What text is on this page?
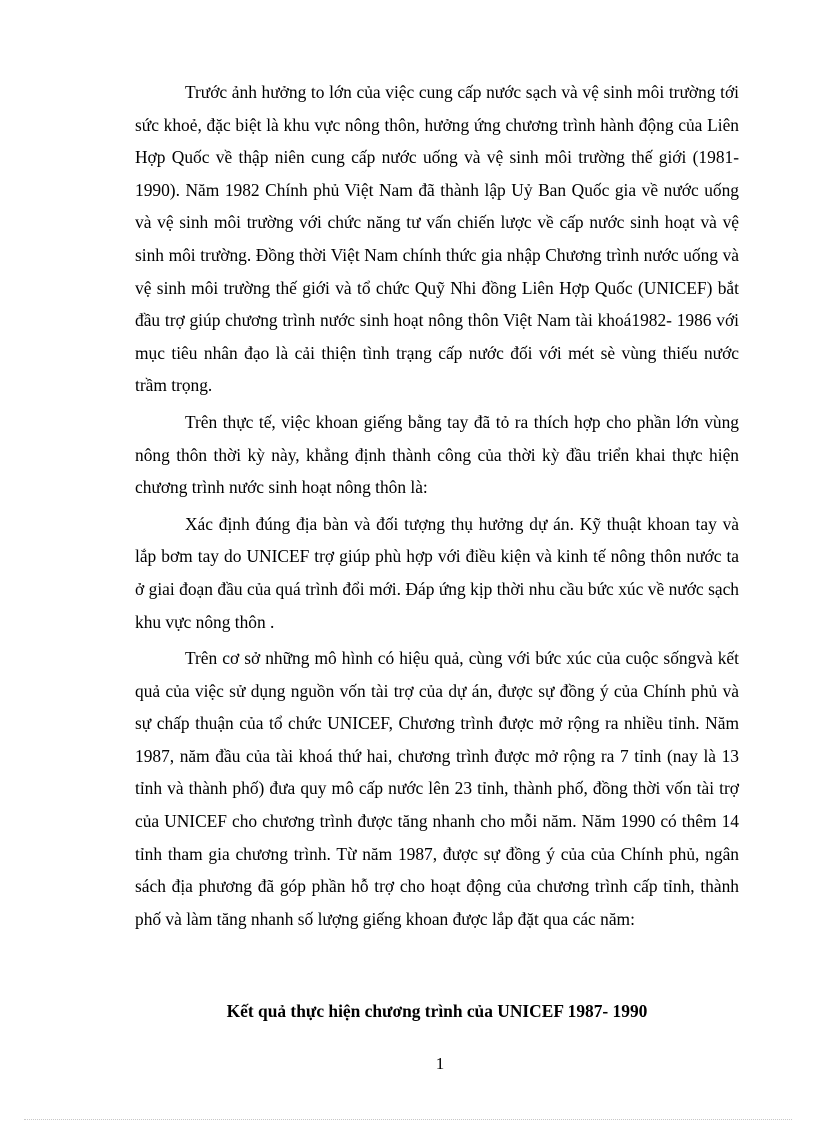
Trước ảnh hưởng to lớn của việc cung cấp nước sạch và vệ sinh môi trường tới sức khoẻ, đặc biệt là khu vực nông thôn, hưởng ứng chương trình hành động của Liên Hợp Quốc về thập niên cung cấp nước uống và vệ sinh môi trường thế giới (1981-1990). Năm 1982 Chính phủ Việt Nam đã thành lập Uỷ Ban Quốc gia về nước uống và vệ sinh môi trường với chức năng tư vấn chiến lược về cấp nước sinh hoạt và vệ sinh môi trường. Đồng thời Việt Nam chính thức gia nhập Chương trình nước uống và vệ sinh môi trường thế giới và tổ chức Quỹ Nhi đồng Liên Hợp Quốc (UNICEF) bắt đầu trợ giúp chương trình nước sinh hoạt nông thôn Việt Nam tài khoá1982- 1986 với mục tiêu nhân đạo là cải thiện tình trạng cấp nước đối với mét sè vùng thiếu nước trầm trọng.

Trên thực tế, việc khoan giếng bằng tay đã tỏ ra thích hợp cho phần lớn vùng nông thôn thời kỳ này, khẳng định thành công của thời kỳ đầu triển khai thực hiện chương trình nước sinh hoạt nông thôn là:

Xác định đúng địa bàn và đối tượng thụ hưởng dự án. Kỹ thuật khoan tay và lắp bơm tay do UNICEF trợ giúp phù hợp với điều kiện và kinh tế nông thôn nước ta ở giai đoạn đầu của quá trình đổi mới. Đáp ứng kịp thời nhu cầu bức xúc về nước sạch khu vực nông thôn .

Trên cơ sở những mô hình có hiệu quả, cùng với bức xúc của cuộc sốngvà kết quả của việc sử dụng nguồn vốn tài trợ của dự án, được sự đồng ý của Chính phủ và sự chấp thuận của tổ chức UNICEF, Chương trình được mở rộng ra nhiều tỉnh. Năm 1987, năm đầu của tài khoá thứ hai, chương trình được mở rộng ra 7 tỉnh (nay là 13 tỉnh và thành phố) đưa quy mô cấp nước lên 23 tỉnh, thành phố, đồng thời vốn tài trợ của UNICEF cho chương trình được tăng nhanh cho mỗi năm. Năm 1990 có thêm 14 tỉnh tham gia chương trình. Từ năm 1987, được sự đồng ý của của Chính phủ, ngân sách địa phương đã góp phần hỗ trợ cho hoạt động của chương trình cấp tỉnh, thành phố và làm tăng nhanh số lượng giếng khoan được lắp đặt qua các năm:

Kết quả thực hiện chương trình của UNICEF 1987- 1990

1
